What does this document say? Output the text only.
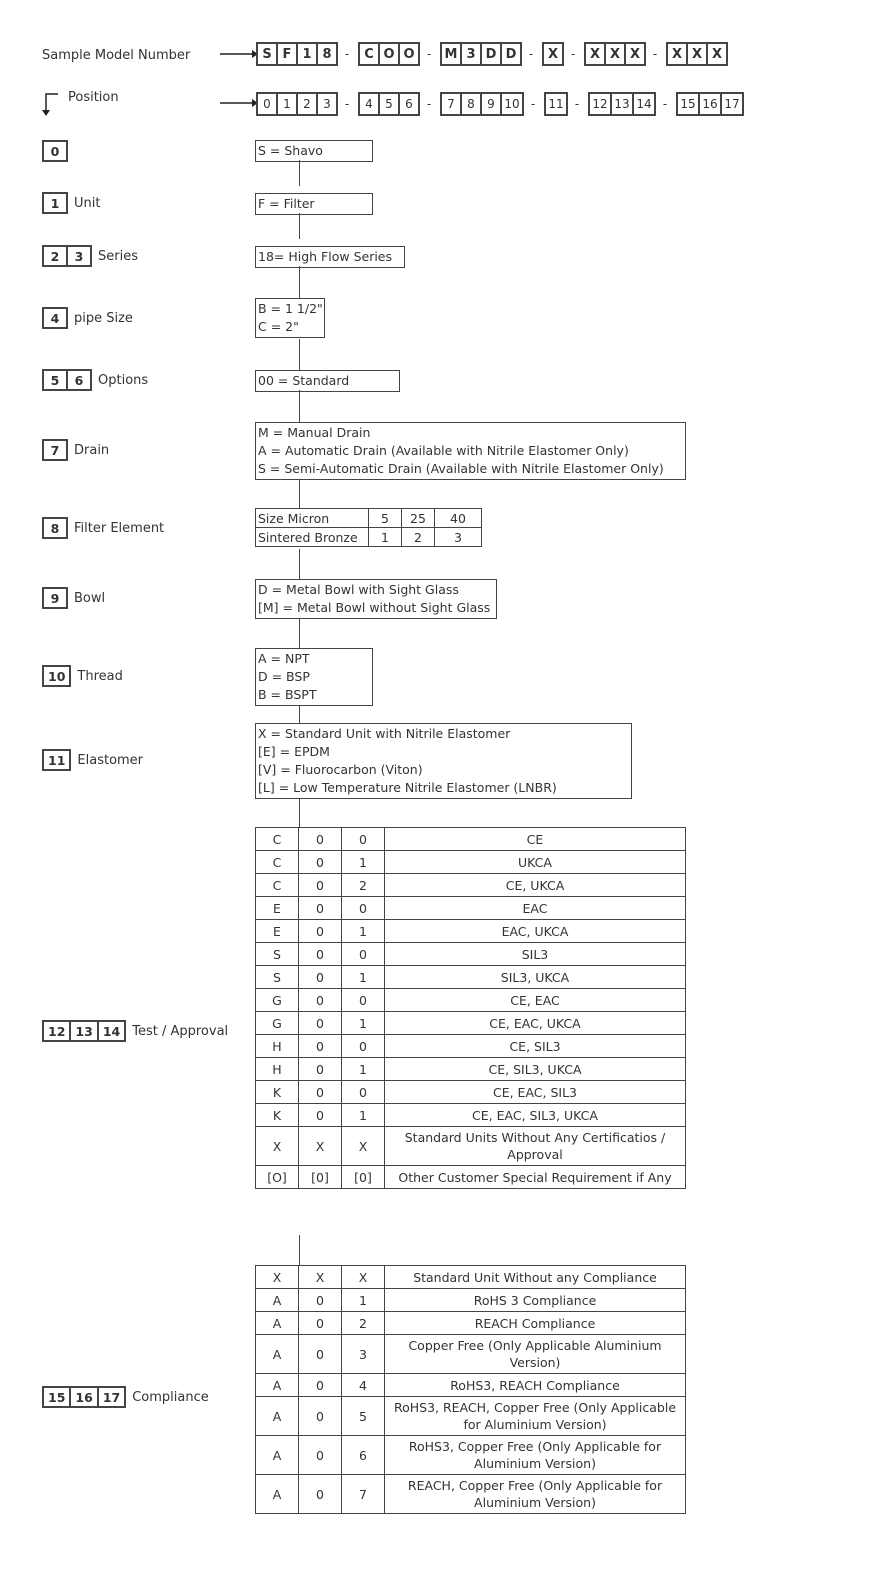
Sample Model Number	S F 1 8	-	C O O	-	M 3 D D	-	X	-	X X X	-	X X X
Position	0	1	2	3	-	4	5	6	-	7	8	9 10 -	11 -	12 13 14 -	15 16 17
0
1	Unit
2	3	Series
4	pipe Size
5	6	Options
7	Drain
8	Filter Element
9	Bowl
10 Thread
11 Elastomer
12 13 14 Test / Approval
15 16 17 Compliance
S = Shavo
F = Filter
18= High Flow Series
B = 1 1/2"
C = 2"
00 = Standard
M = Manual Drain
A = Automatic Drain (Available with Nitrile Elastomer Only)
S = Semi-Automatic Drain (Available with Nitrile Elastomer Only)
Size Micron	5	25	40
Sintered Bronze	1	2	3
D = Metal Bowl with Sight Glass
[M] = Metal Bowl without Sight Glass
A = NPT
D = BSP
B = BSPT
X = Standard Unit with Nitrile Elastomer
[E] = EPDM
[V] = Fluorocarbon (Viton)
[L] = Low Temperature Nitrile Elastomer (LNBR)
C	0	0	CE
C	0	1	UKCA
C	0	2	CE, UKCA
E	0	0	EAC
E	0	1	EAC, UKCA
S	0	0	SIL3
S	0	1	SIL3, UKCA
G	0	0	CE, EAC
G	0	1	CE, EAC, UKCA
H	0	0	CE, SIL3
H	0	1	CE, SIL3, UKCA
K	0	0	CE, EAC, SIL3
K	0	1	CE, EAC, SIL3, UKCA
X	X	X	Standard Units Without Any Certificatios / Approval
[O]	[0]	[0]	Other Customer Special Requirement if Any
X	X	X	Standard Unit Without any Compliance
A	0	1	RoHS 3 Compliance
A	0	2	REACH Compliance
A	0	3	Copper Free (Only Applicable Aluminium Version)
A	0	4	RoHS3, REACH Compliance
A	0	5	RoHS3, REACH, Copper Free (Only Applicable for Aluminium Version)
A	0	6	RoHS3, Copper Free (Only Applicable for Aluminium Version)
A	0	7	REACH, Copper Free (Only Applicable for Aluminium Version)
